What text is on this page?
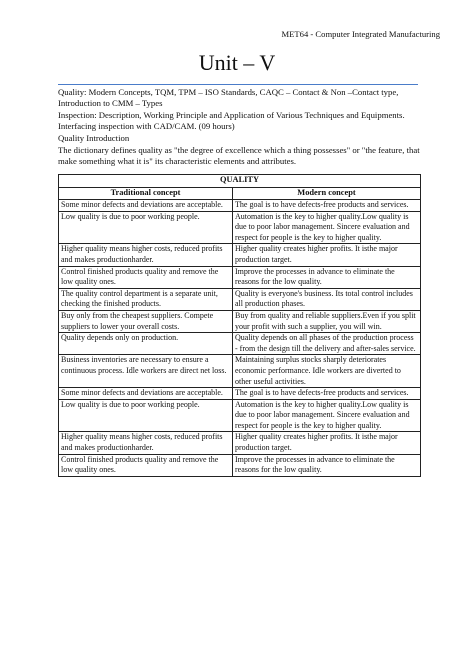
MET64 - Computer Integrated Manufacturing
Unit – V
Quality: Modern Concepts, TQM, TPM – ISO Standards, CAQC – Contact & Non –Contact type, Introduction to CMM – Types
Inspection: Description, Working Principle and Application of Various Techniques and Equipments. Interfacing inspection with CAD/CAM. (09 hours)
Quality Introduction
The dictionary defines quality as "the degree of excellence which a thing possesses" or "the feature, that make something what it is" its characteristic elements and attributes.
QUALITY	
Traditional concept	Modern concept
Some minor defects and deviations are acceptable.	The goal is to have defects-free products and services.
Low quality is due to poor working people.	Automation is the key to higher quality.Low quality is due to poor labor management. Sincere evaluation and respect for people is the key to higher quality.
Higher quality means higher costs, reduced profits and makes productionharder.	Higher quality creates higher profits. It isthe major production target.
Control finished products quality and remove the low quality ones.	Improve the processes in advance to eliminate the reasons for the low quality.
The quality control department is a separate unit, checking the finished products.	Quality is everyone's business. Its total control includes all production phases.
Buy only from the cheapest suppliers. Compete suppliers to lower your overall costs.	Buy from quality and reliable suppliers.Even if you split your profit with such a supplier, you will win.
Quality depends only on production.	Quality depends on all phases of the production process - from the design till the delivery and after-sales service.
Business inventories are necessary to ensure a continuous process. Idle workers are direct net loss.	Maintaining surplus stocks sharply deteriorates economic performance. Idle workers are diverted to other useful activities.
Some minor defects and deviations are acceptable.	The goal is to have defects-free products and services.
Low quality is due to poor working people.	Automation is the key to higher quality.Low quality is due to poor labor management. Sincere evaluation and respect for people is the key to higher quality.
Higher quality means higher costs, reduced profits and makes productionharder.	Higher quality creates higher profits. It isthe major production target.
Control finished products quality and remove the low quality ones.	Improve the processes in advance to eliminate the reasons for the low quality.
